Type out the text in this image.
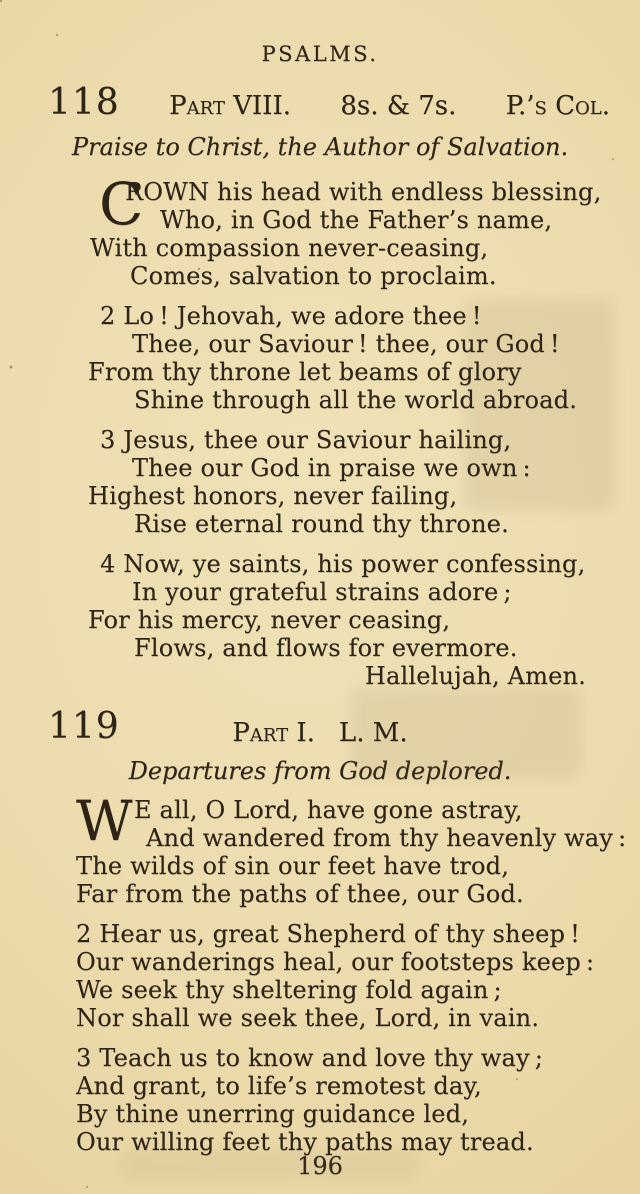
PSALMS.
118 Part VIII. 8s. & 7s. P.’s Col.
Praise to Christ, the Author of Salvation.
C
ROWN his head with endless blessing,
Who, in God the Father’s name,
With compassion never-ceasing,
Comes, salvation to proclaim.
2 Lo ! Jehovah, we adore thee !
Thee, our Saviour ! thee, our God !
From thy throne let beams of glory
Shine through all the world abroad.
3 Jesus, thee our Saviour hailing,
Thee our God in praise we own :
Highest honors, never failing,
Rise eternal round thy throne.
4 Now, ye saints, his power confessing,
In your grateful strains adore ;
For his mercy, never ceasing,
Flows, and flows for evermore.
Hallelujah, Amen.
119	Part I. L. M.
Departures from God deplored.
W E all, O Lord, have gone astray,
And wandered from thy heavenly way :
The wilds of sin our feet have trod,
Far from the paths of thee, our God.
2 Hear us, great Shepherd of thy sheep !
Our wanderings heal, our footsteps keep :
We seek thy sheltering fold again ;
Nor shall we seek thee, Lord, in vain.
3 Teach us to know and love thy way ;
And grant, to life’s remotest day,
By thine unerring guidance led,
Our willing feet thy paths may tread.
196
